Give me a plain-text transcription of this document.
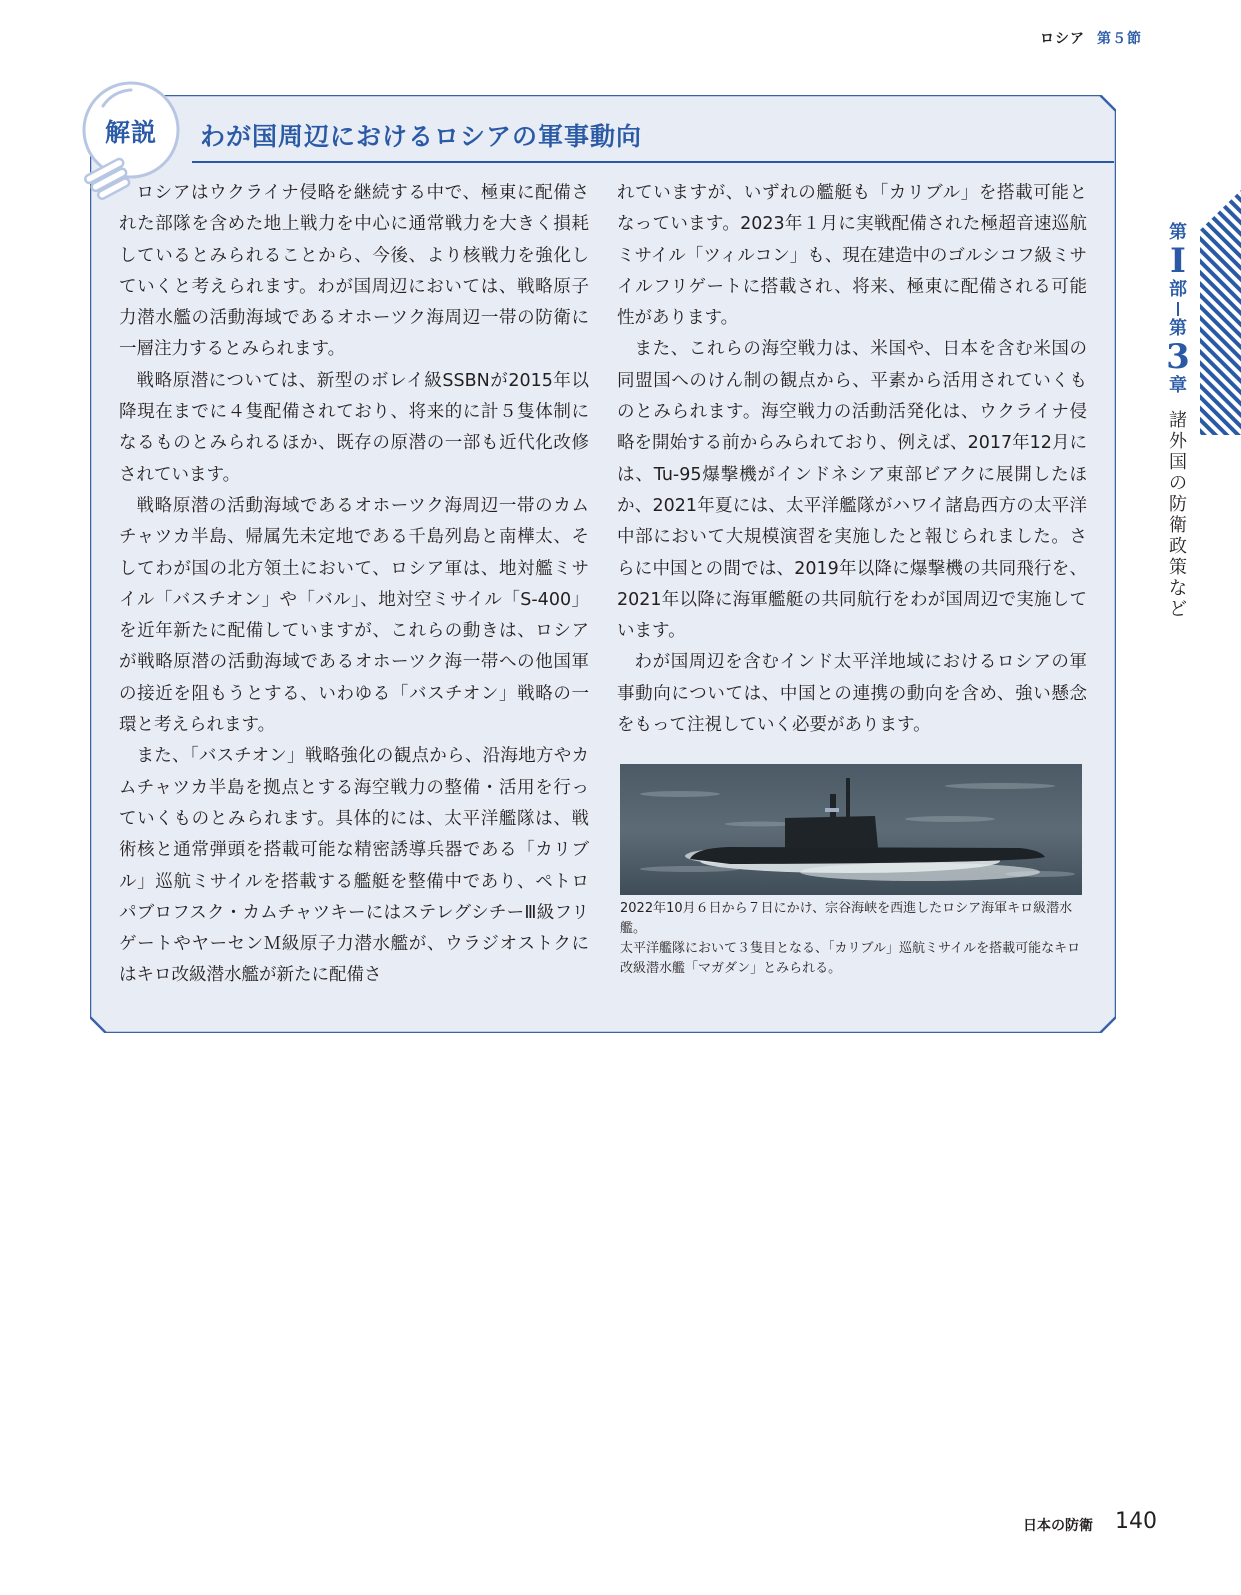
ロシア 第５節
解説	わが国周辺におけるロシアの軍事動向

ロシアはウクライナ侵略を継続する中で、極東に配備された部隊を含めた地上戦力を中心に通常戦力を大きく損耗しているとみられることから、今後、より核戦力を強化していくと考えられます。わが国周辺においては、戦略原子力潜水艦の活動海域であるオホーツク海周辺一帯の防衛に一層注力するとみられます。

戦略原潜については、新型のボレイ級SSBNが2015年以降現在までに４隻配備されており、将来的に計５隻体制になるものとみられるほか、既存の原潜の一部も近代化改修されています。

戦略原潜の活動海域であるオホーツク海周辺一帯のカムチャツカ半島、帰属先未定地である千島列島と南樺太、そしてわが国の北方領土において、ロシア軍は、地対艦ミサイル「バスチオン」や「バル」、地対空ミサイル「S-400」を近年新たに配備していますが、これらの動きは、ロシアが戦略原潜の活動海域であるオホーツク海一帯への他国軍の接近を阻もうとする、いわゆる「バスチオン」戦略の一環と考えられます。

また、「バスチオン」戦略強化の観点から、沿海地方やカムチャツカ半島を拠点とする海空戦力の整備・活用を行っていくものとみられます。具体的には、太平洋艦隊は、戦術核と通常弾頭を搭載可能な精密誘導兵器である「カリブル」巡航ミサイルを搭載する艦艇を整備中であり、ペトロパブロフスク・カムチャツキーにはステレグシチーⅢ級フリゲートやヤーセンＭ級原子力潜水艦が、ウラジオストクにはキロ改級潜水艦が新たに配備さ

れていますが、いずれの艦艇も「カリブル」を搭載可能となっています。2023年１月に実戦配備された極超音速巡航ミサイル「ツィルコン」も、現在建造中のゴルシコフ級ミサイルフリゲートに搭載され、将来、極東に配備される可能性があります。

また、これらの海空戦力は、米国や、日本を含む米国の同盟国へのけん制の観点から、平素から活用されていくものとみられます。海空戦力の活動活発化は、ウクライナ侵略を開始する前からみられており、例えば、2017年12月には、Tu-95爆撃機がインドネシア東部ビアクに展開したほか、2021年夏には、太平洋艦隊がハワイ諸島西方の太平洋中部において大規模演習を実施したと報じられました。さらに中国との間では、2019年以降に爆撃機の共同飛行を、2021年以降に海軍艦艇の共同航行をわが国周辺で実施しています。

わが国周辺を含むインド太平洋地域におけるロシアの軍事動向については、中国との連携の動向を含め、強い懸念をもって注視していく必要があります。

2022年10月６日から７日にかけ、宗谷海峡を西進したロシア海軍キロ級潜水艦。
太平洋艦隊において３隻目となる、「カリブル」巡航ミサイルを搭載可能なキロ改級潜水艦「マガダン」とみられる。
第
I
部
第
3
章
諸
外
国
の
防
衛
政
策
な
ど
日本の防衛 140
